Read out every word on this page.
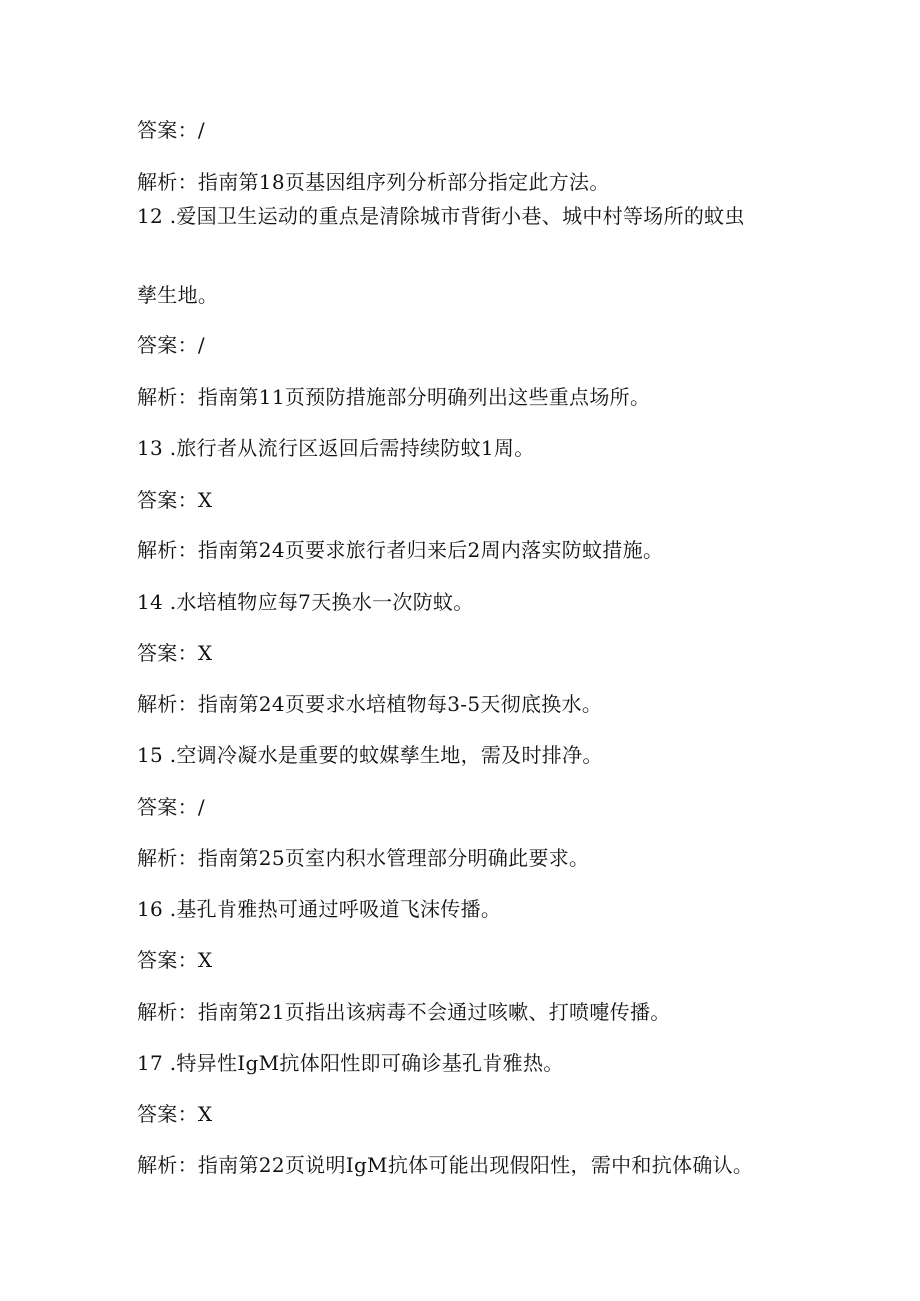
答案：/
解析：指南第18页基因组序列分析部分指定此方法。
12 .爱国卫生运动的重点是清除城市背街小巷、城中村等场所的蚊虫
孳生地。
答案：/
解析：指南第11页预防措施部分明确列出这些重点场所。
13 .旅行者从流行区返回后需持续防蚊1周。
答案：X
解析：指南第24页要求旅行者归来后2周内落实防蚊措施。
14 .水培植物应每7天换水一次防蚊。
答案：X
解析：指南第24页要求水培植物每3-5天彻底换水。
15 .空调冷凝水是重要的蚊媒孳生地，需及时排净。
答案：/
解析：指南第25页室内积水管理部分明确此要求。
16 .基孔肯雅热可通过呼吸道飞沫传播。
答案：X
解析：指南第21页指出该病毒不会通过咳嗽、打喷嚏传播。
17 .特异性IgM抗体阳性即可确诊基孔肯雅热。
答案：X
解析：指南第22页说明IgM抗体可能出现假阳性，需中和抗体确认。
